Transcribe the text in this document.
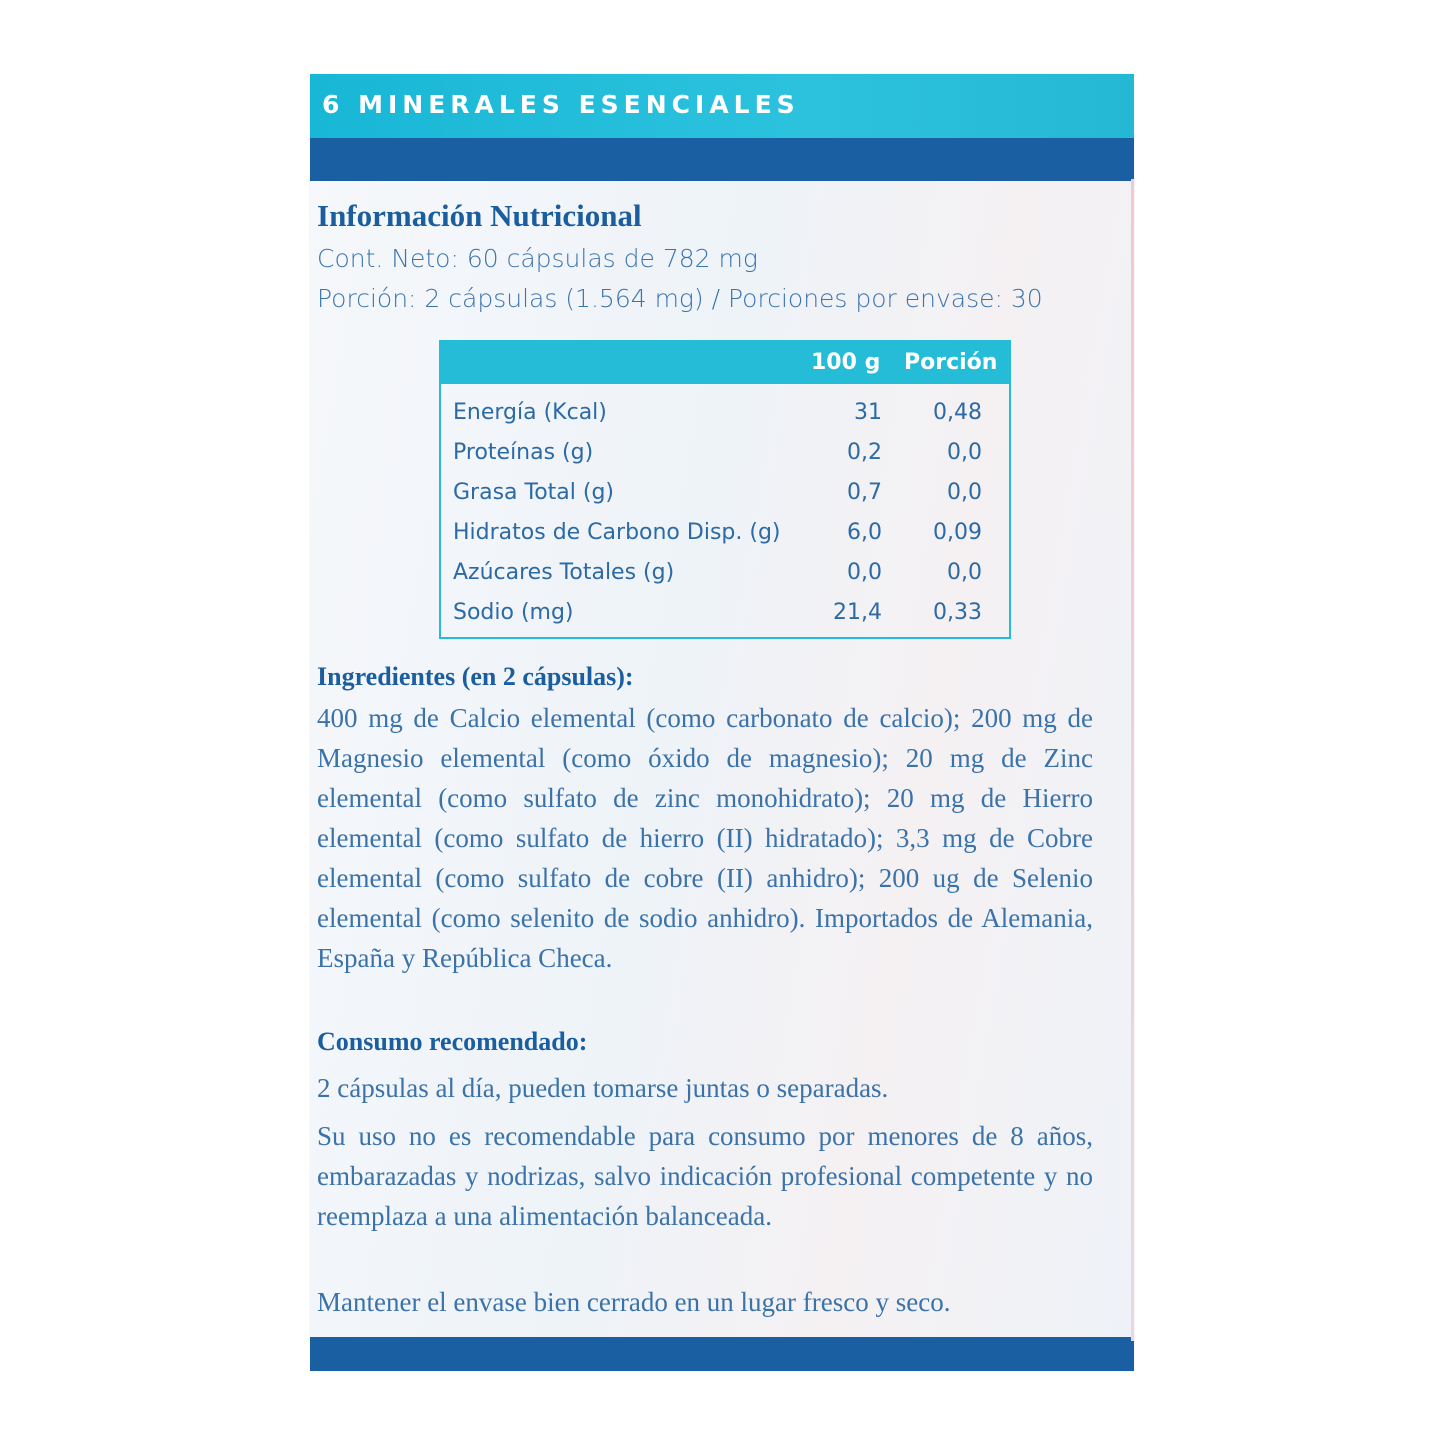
6 MINERALES ESENCIALES
Información Nutricional
Cont. Neto: 60 cápsulas de 782 mg
Porción: 2 cápsulas (1.564 mg) / Porciones por envase: 30
100 g Porción
Energía (Kcal)	31 0,48
Proteínas (g)	0,2	0,0
Grasa Total (g)	0,7	0,0
Hidratos de Carbono Disp. (g)	6,0 0,09
Azúcares Totales (g)	0,0	0,0
Sodio (mg)	21,4 0,33
Ingredientes (en 2 cápsulas):
400 mg de Calcio elemental (como carbonato de calcio); 200 mg de Magnesio elemental (como óxido de magnesio); 20 mg de Zinc elemental (como sulfato de zinc monohidrato); 20 mg de Hierro elemental (como sulfato de hierro (II) hidratado); 3,3 mg de Cobre elemental (como sulfato de cobre (II) anhidro); 200 ug de Selenio elemental (como selenito de sodio anhidro). Importados de Alemania, España y República Checa.
Consumo recomendado:
2 cápsulas al día, pueden tomarse juntas o separadas.
Su uso no es recomendable para consumo por menores de 8 años, embarazadas y nodrizas, salvo indicación profesional competente y no reemplaza a una alimentación balanceada.
Mantener el envase bien cerrado en un lugar fresco y seco.
